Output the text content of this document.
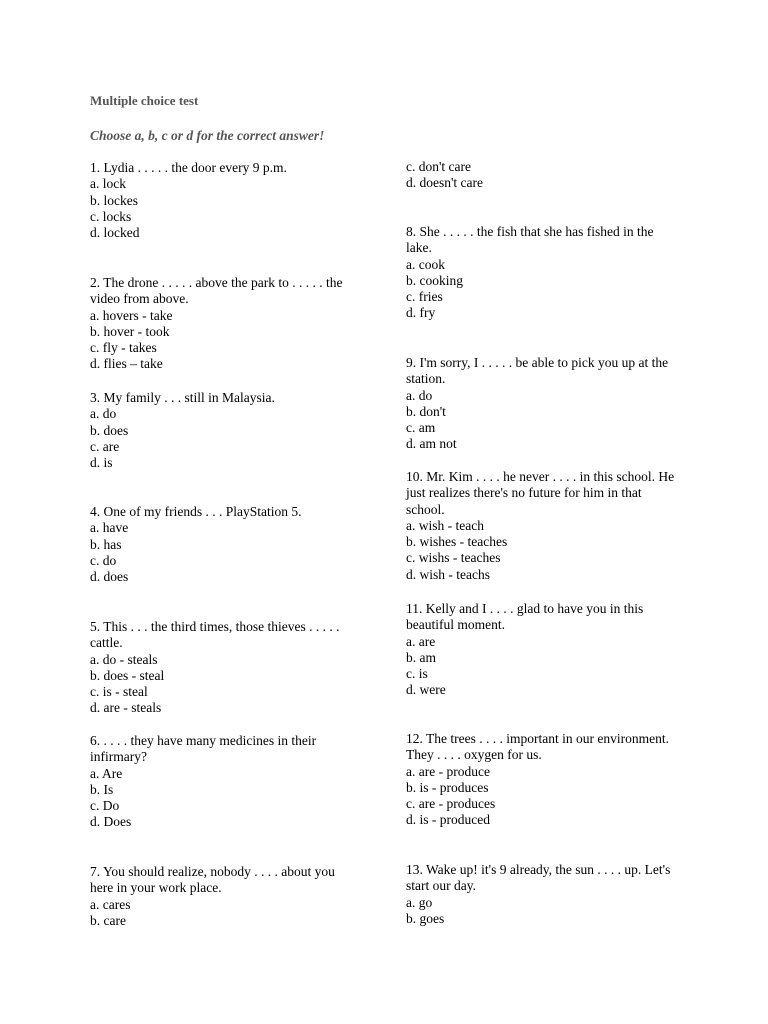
Multiple choice test
Choose a, b, c or d for the correct answer!
1. Lydia . . . . . the door every 9 p.m.
a. lock
b. lockes
c. locks
d. locked
2. The drone . . . . . above the park to . . . . . the video from above.
a. hovers - take
b. hover - took
c. fly - takes
d. flies – take
3. My family . . . still in Malaysia.
a. do
b. does
c. are
d. is
4. One of my friends . . . PlayStation 5.
a. have
b. has
c. do
d. does
5. This . . . the third times, those thieves . . . . . cattle.
a. do - steals
b. does - steal
c. is - steal
d. are - steals
6. . . . . they have many medicines in their infirmary?
a. Are
b. Is
c. Do
d. Does
7. You should realize, nobody . . . . about you here in your work place.
a. cares
b. care
c. don't care
d. doesn't care
8. She . . . . . the fish that she has fished in the lake.
a. cook
b. cooking
c. fries
d. fry
9. I'm sorry, I . . . . . be able to pick you up at the station.
a. do
b. don't
c. am
d. am not
10. Mr. Kim . . . . he never . . . . in this school. He just realizes there's no future for him in that school.
a. wish - teach
b. wishes - teaches
c. wishs - teaches
d. wish - teachs
11. Kelly and I . . . . glad to have you in this beautiful moment.
a. are
b. am
c. is
d. were
12. The trees . . . . important in our environment. They . . . . oxygen for us.
a. are - produce
b. is - produces
c. are - produces
d. is - produced
13. Wake up! it's 9 already, the sun . . . . up. Let's start our day.
a. go
b. goes
